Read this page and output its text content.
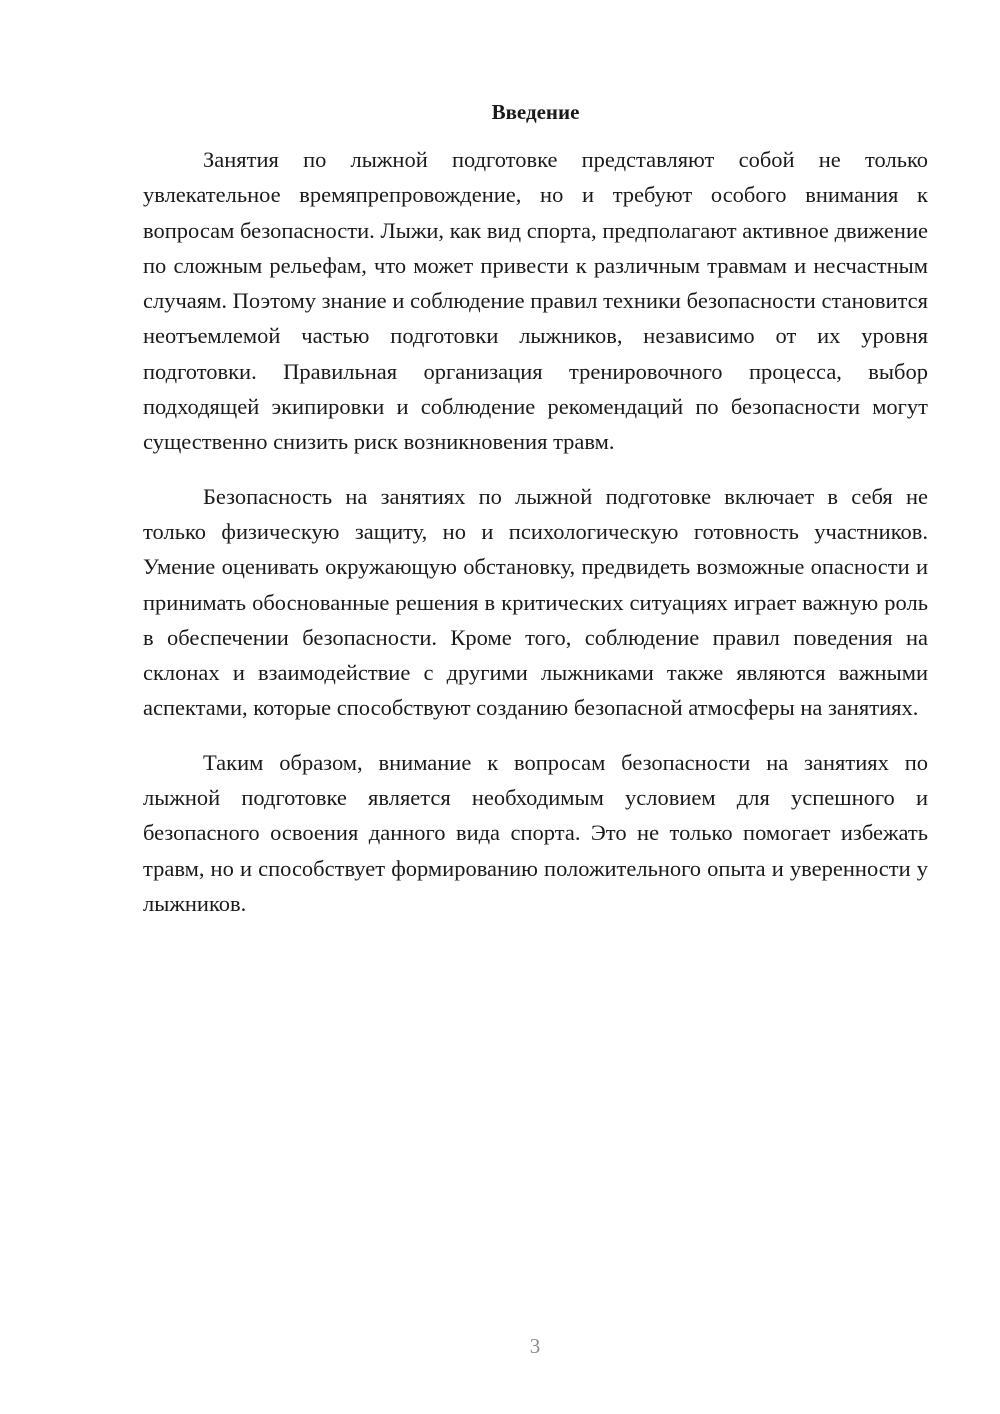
Введение

Занятия по лыжной подготовке представляют собой не только увлекательное времяпрепровождение, но и требуют особого внимания к вопросам безопасности. Лыжи, как вид спорта, предполагают активное движение по сложным рельефам, что может привести к различным травмам и несчастным случаям. Поэтому знание и соблюдение правил техники безопасности становится неотъемлемой частью подготовки лыжников, независимо от их уровня подготовки. Правильная организация тренировочного процесса, выбор подходящей экипировки и соблюдение рекомендаций по безопасности могут существенно снизить риск возникновения травм.

Безопасность на занятиях по лыжной подготовке включает в себя не только физическую защиту, но и психологическую готовность участников. Умение оценивать окружающую обстановку, предвидеть возможные опасности и принимать обоснованные решения в критических ситуациях играет важную роль в обеспечении безопасности. Кроме того, соблюдение правил поведения на склонах и взаимодействие с другими лыжниками также являются важными аспектами, которые способствуют созданию безопасной атмосферы на занятиях.

Таким образом, внимание к вопросам безопасности на занятиях по лыжной подготовке является необходимым условием для успешного и безопасного освоения данного вида спорта. Это не только помогает избежать травм, но и способствует формированию положительного опыта и уверенности у лыжников.

3
